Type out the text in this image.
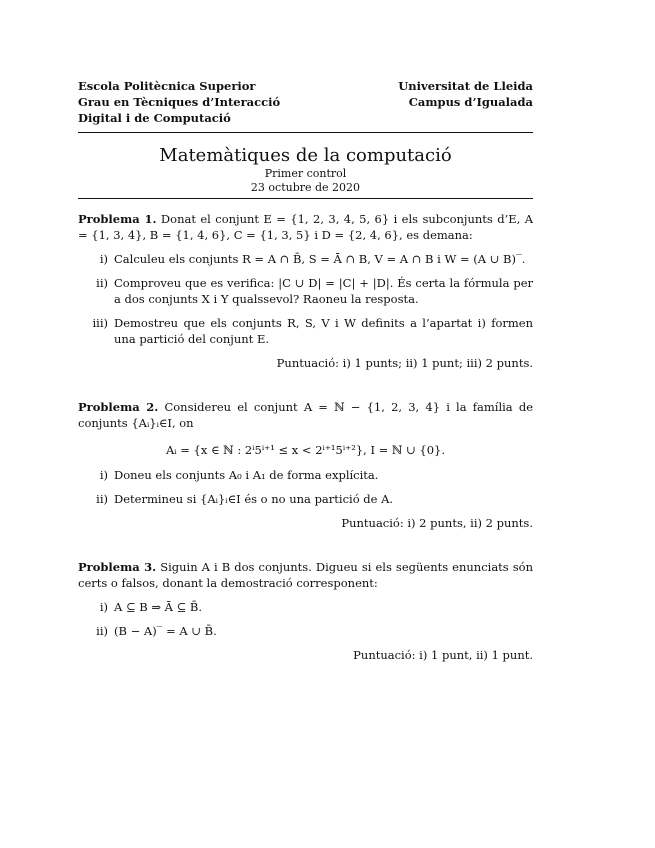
Escola Politècnica Superior
Grau en Tècniques d’Interacció
Digital i de Computació
Universitat de Lleida
Campus d’Igualada
Matemàtiques de la computació
Primer control
23 octubre de 2020
Problema 1. Donat el conjunt E = {1, 2, 3, 4, 5, 6} i els subconjunts d’E, A = {1, 3, 4}, B = {1, 4, 6}, C = {1, 3, 5} i D = {2, 4, 6}, es demana:
i) Calculeu els conjunts R = A ∩ B̄, S = Ā ∩ B, V = A ∩ B i W = (A ∪ B)‾.
ii) Comproveu que es verifica: |C ∪ D| = |C| + |D|. És certa la fórmula per a dos conjunts X i Y qualssevol? Raoneu la resposta.
iii) Demostreu que els conjunts R, S, V i W definits a l’apartat i) formen una partició del conjunt E.
Puntuació: i) 1 punts; ii) 1 punt; iii) 2 punts.
Problema 2. Considereu el conjunt A = ℕ − {1, 2, 3, 4} i la família de conjunts {Aᵢ}ᵢ∈I, on
Aᵢ = {x ∈ ℕ : 2ⁱ5ⁱ⁺¹ ≤ x < 2ⁱ⁺¹5ⁱ⁺²}, I = ℕ ∪ {0}.
i) Doneu els conjunts A₀ i A₁ de forma explícita.
ii) Determineu si {Aᵢ}ᵢ∈I és o no una partició de A.
Puntuació: i) 2 punts, ii) 2 punts.
Problema 3. Siguin A i B dos conjunts. Digueu si els següents enunciats són certs o falsos, donant la demostració corresponent:
i) A ⊆ B ⇒ Ā ⊆ B̄.
ii) (B − A)‾ = A ∪ B̄.
Puntuació: i) 1 punt, ii) 1 punt.
